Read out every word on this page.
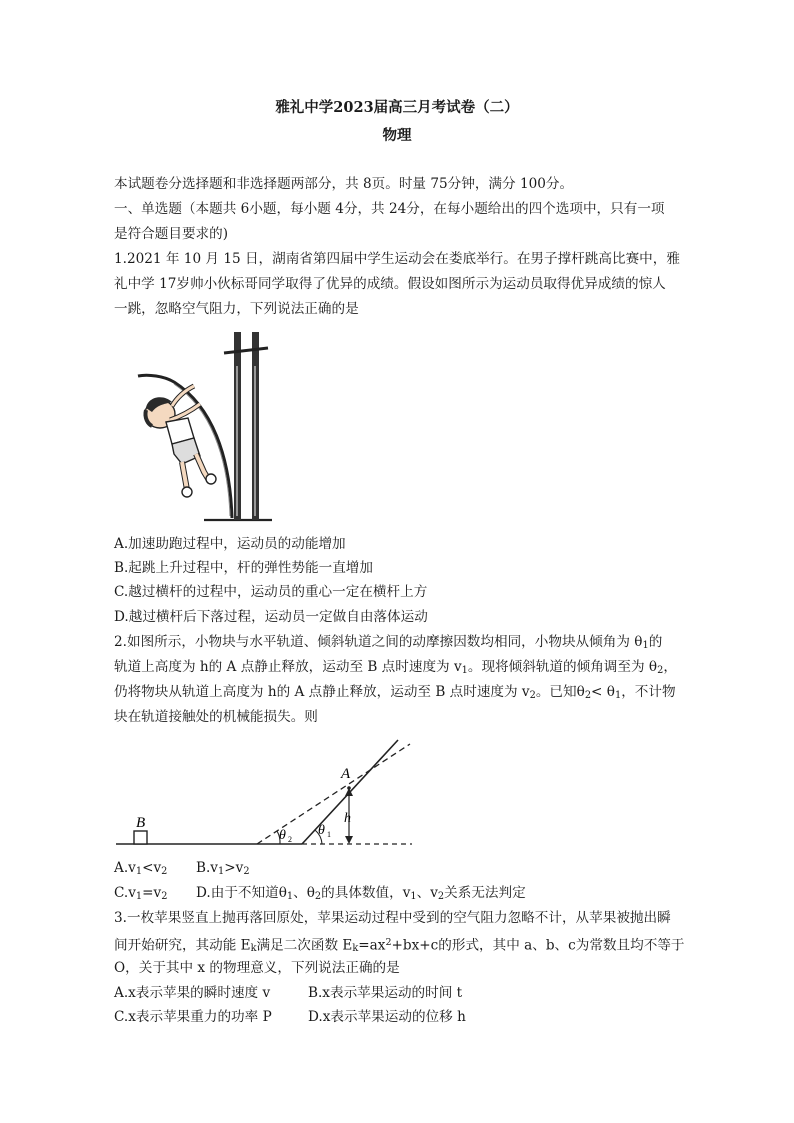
雅礼中学2023届高三月考试卷（二）
物理
本试题卷分选择题和非选择题两部分，共 8页。时量 75分钟，满分 100分。
一、单选题（本题共 6小题，每小题 4分，共 24分，在每小题给出的四个选项中，只有一项
是符合题目要求的)
1.2021 年 10 月 15 日，湖南省第四届中学生运动会在娄底举行。在男子撑杆跳高比赛中，雅
礼中学 17岁帅小伙标哥同学取得了优异的成绩。假设如图所示为运动员取得优异成绩的惊人
一跳，忽略空气阻力，下列说法正确的是
A.加速助跑过程中，运动员的动能增加
B.起跳上升过程中，杆的弹性势能一直增加
C.越过横杆的过程中，运动员的重心一定在横杆上方
D.越过横杆后下落过程，运动员一定做自由落体运动
2.如图所示，小物块与水平轨道、倾斜轨道之间的动摩擦因数均相同，小物块从倾角为 θ1的
轨道上高度为 h的 A 点静止释放，运动至 B 点时速度为 v1。现将倾斜轨道的倾角调至为 θ2，
仍将物块从轨道上高度为 h的 A 点静止释放，运动至 B 点时速度为 v2。已知θ2< θ1，不计物
块在轨道接触处的机械能损失。则
B
A
h
θ 2
θ 1
A.v1<v2 B.v1>v2
C.v1=v2 D.由于不知道θ1、θ2的具体数值，v1、v2关系无法判定
3.一枚苹果竖直上抛再落回原处，苹果运动过程中受到的空气阻力忽略不计，从苹果被抛出瞬
间开始研究，其动能 Ek满足二次函数 $Ek=ax^2+bx+c$的形式，其中 a、b、c为常数且均不等于
O，关于其中 x 的物理意义，下列说法正确的是
A.x表示苹果的瞬时速度 v	B.x表示苹果运动的时间 t
C.x表示苹果重力的功率 P	D.x表示苹果运动的位移 h
